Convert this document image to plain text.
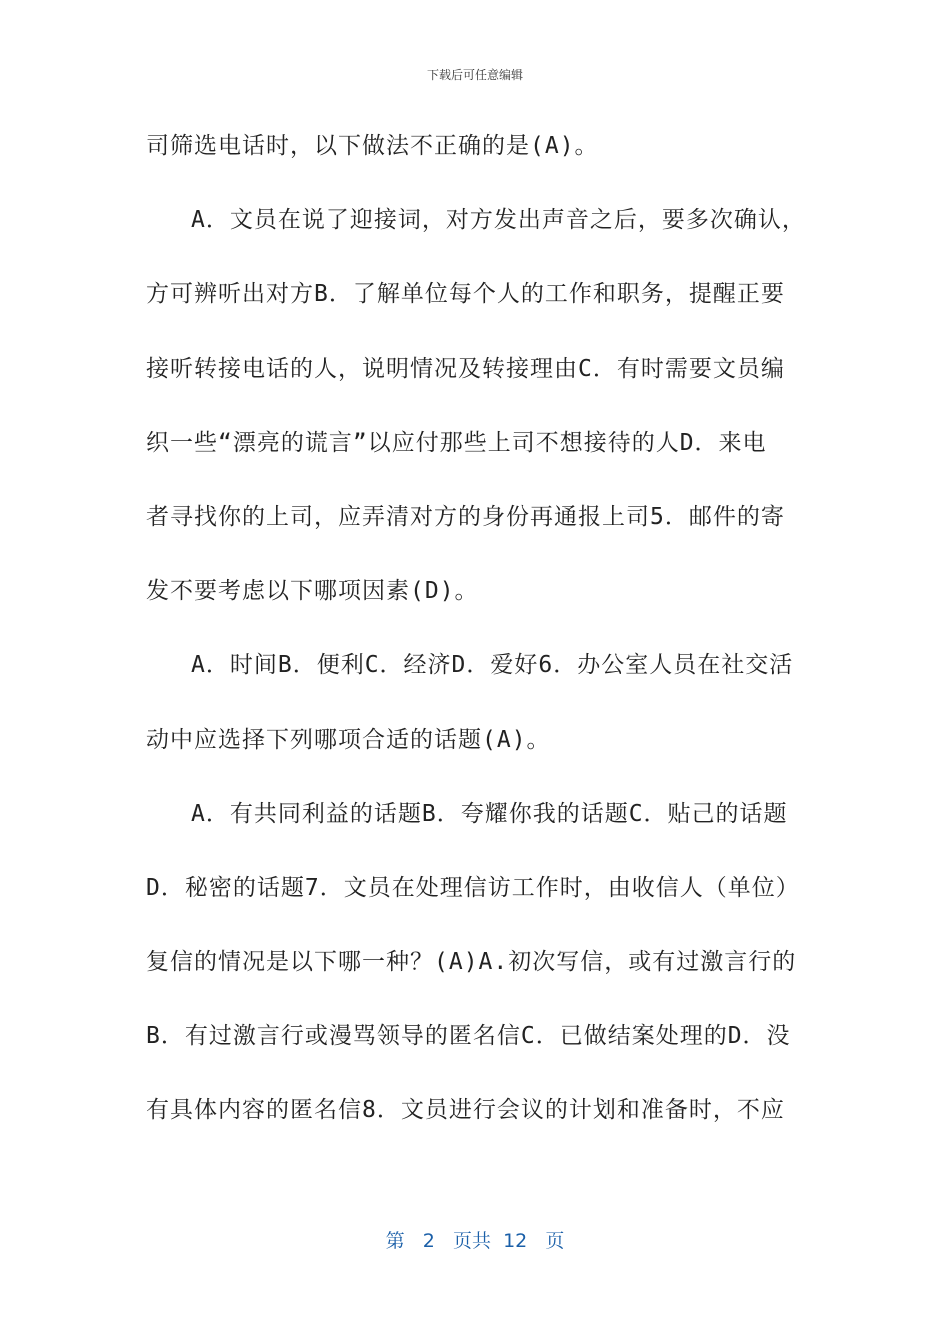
下载后可任意编辑
司筛选电话时，以下做法不正确的是(A)。
A．文员在说了迎接词，对方发出声音之后，要多次确认，
方可辨听出对方B．了解单位每个人的工作和职务，提醒正要
接听转接电话的人，说明情况及转接理由C．有时需要文员编
织一些“漂亮的谎言”以应付那些上司不想接待的人D．来电
者寻找你的上司，应弄清对方的身份再通报上司5．邮件的寄
发不要考虑以下哪项因素(D)。
A．时间B．便利C．经济D．爱好6．办公室人员在社交活
动中应选择下列哪项合适的话题(A)。
A．有共同利益的话题B．夸耀你我的话题C．贴己的话题
D．秘密的话题7．文员在处理信访工作时，由收信人（单位）
复信的情况是以下哪一种？(A)A.初次写信，或有过激言行的
B．有过激言行或漫骂领导的匿名信C．已做结案处理的D．没
有具体内容的匿名信8．文员进行会议的计划和准备时，不应
第 2 页共 12 页
